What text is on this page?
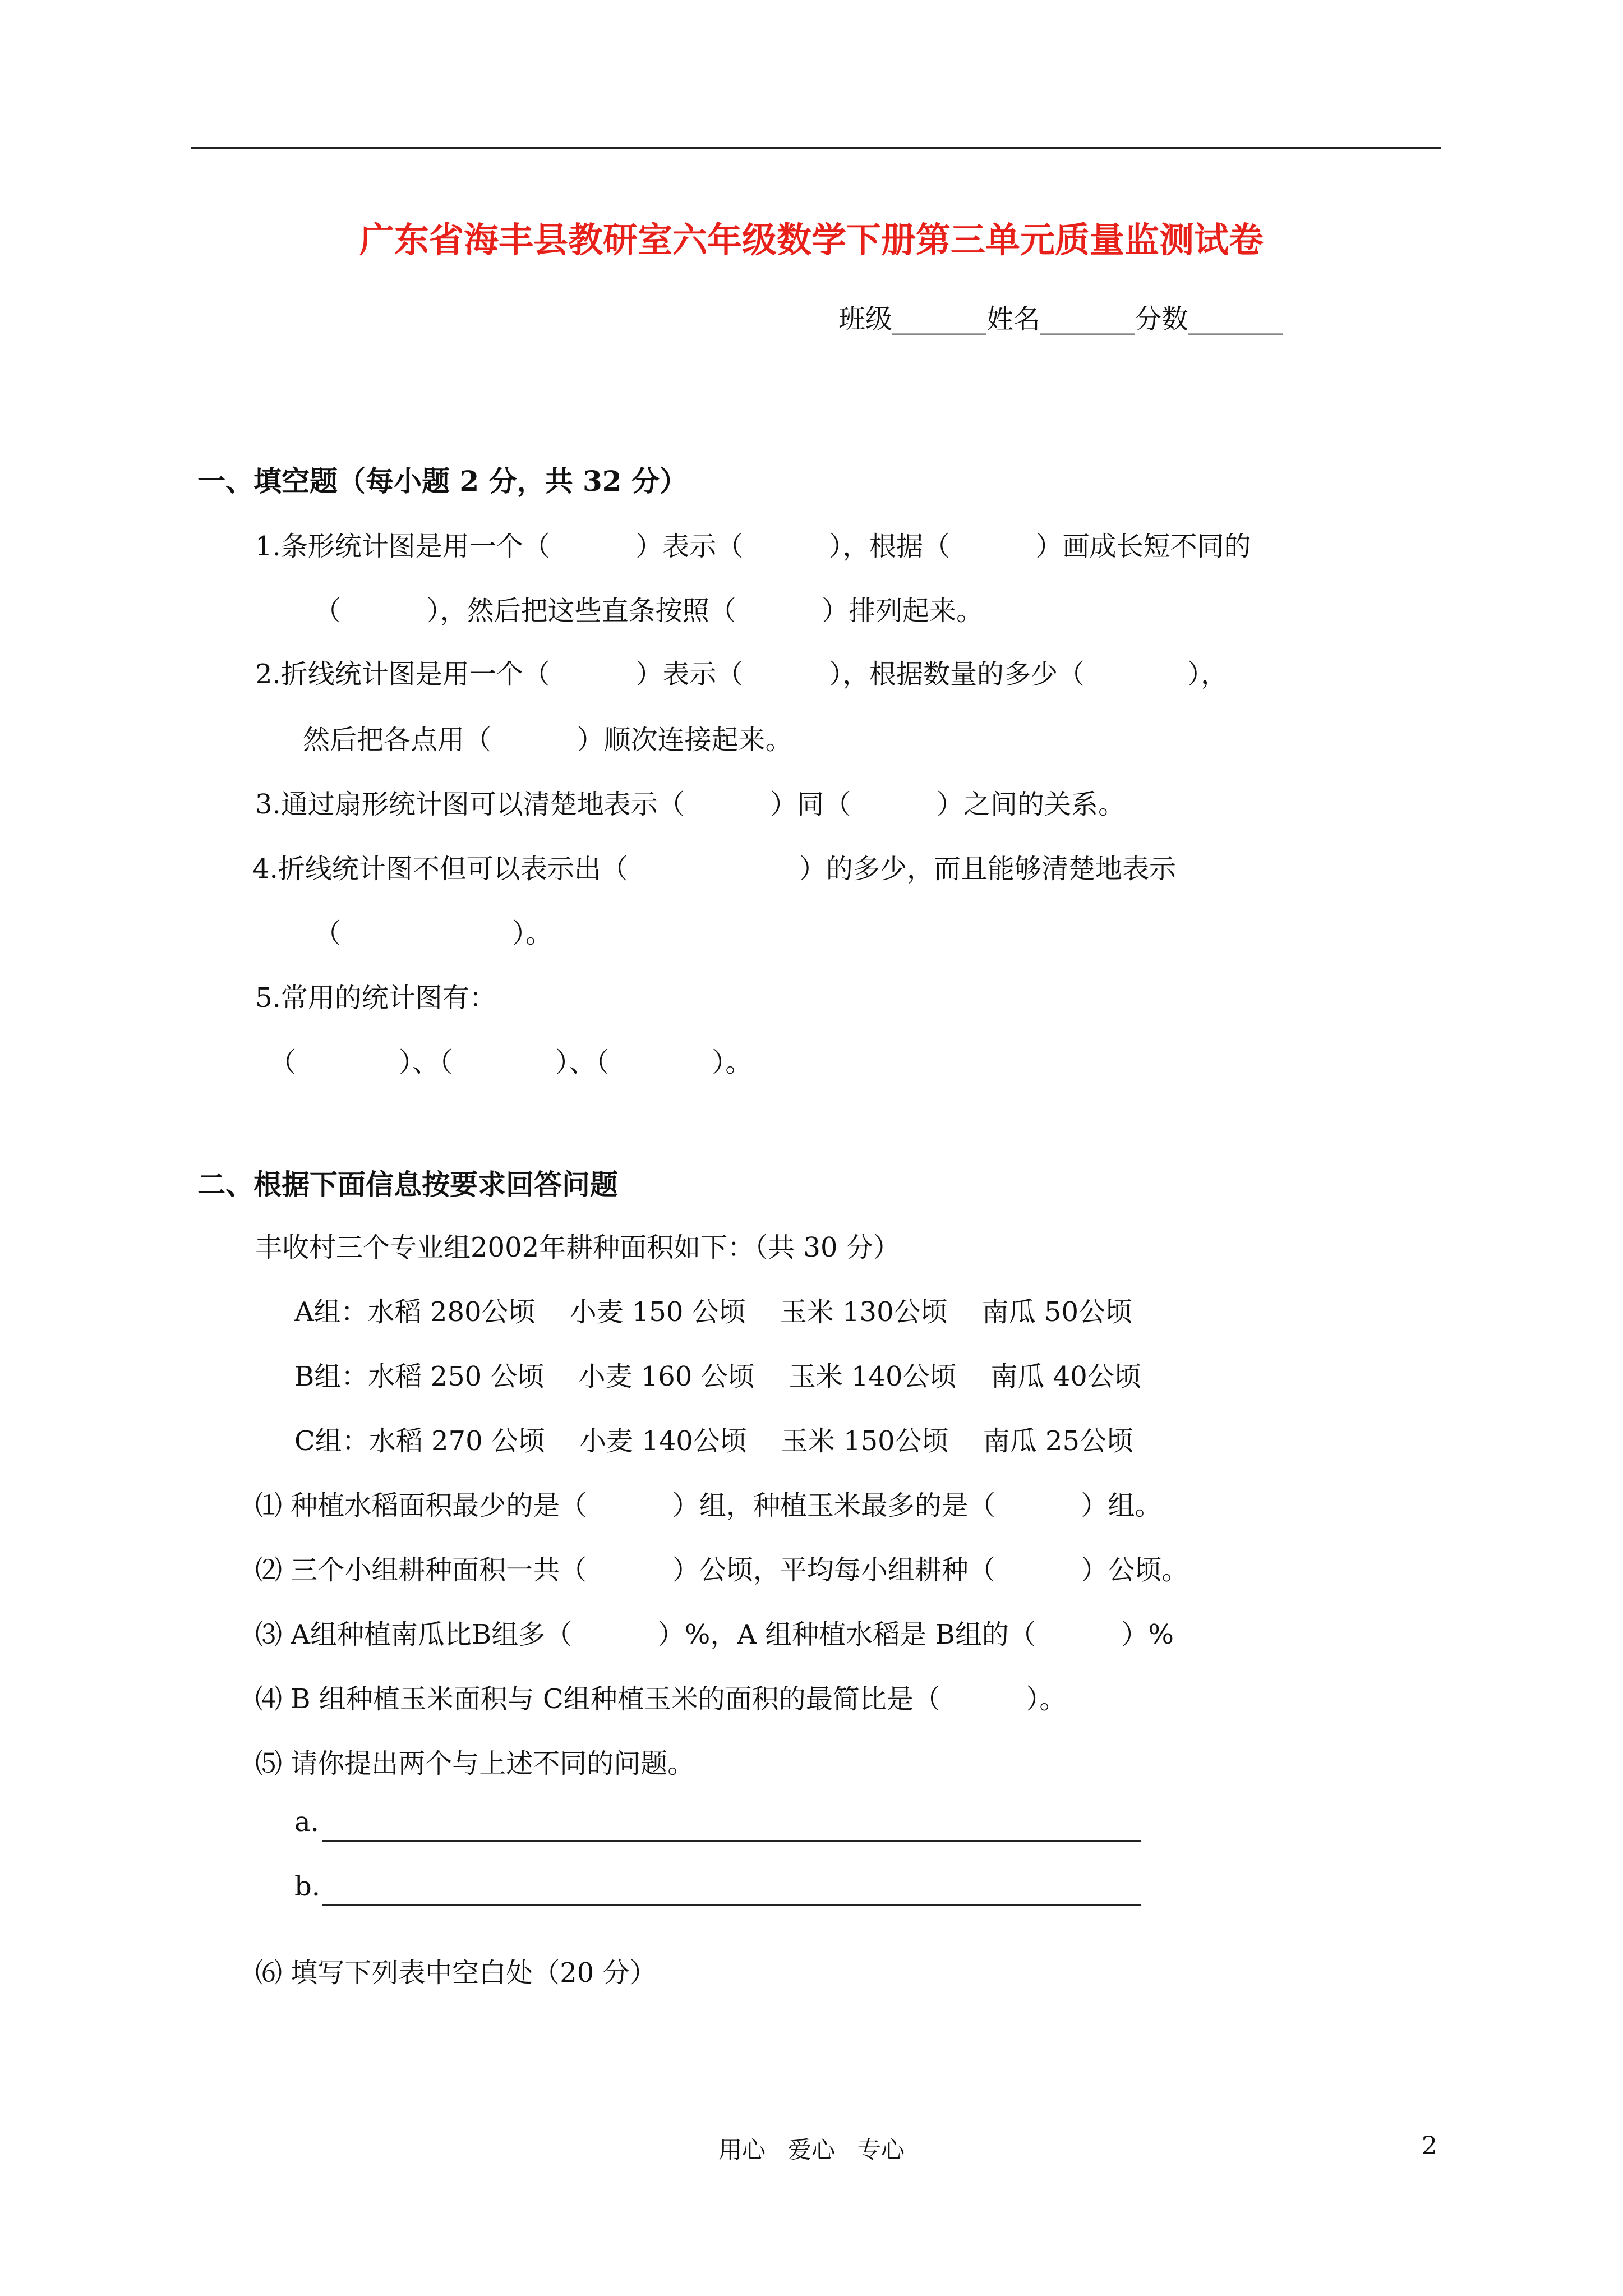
广东省海丰县教研室六年级数学下册第三单元质量监测试卷
班级_______姓名_______分数_______
一、填空题（每小题 2 分，共 32 分）
1.条形统计图是用一个（          ）表示（          ），根据（          ）画成长短不同的
（          ），然后把这些直条按照（          ）排列起来。
2.折线统计图是用一个（          ）表示（          ），根据数量的多少（            ），
然后把各点用（          ）顺次连接起来。
3.通过扇形统计图可以清楚地表示（          ）同（          ）之间的关系。
4.折线统计图不但可以表示出（                    ）的多少，而且能够清楚地表示
（                    ）。
5.常用的统计图有：
（            ）、（            ）、（            ）。
二、根据下面信息按要求回答问题
丰收村三个专业组2002年耕种面积如下：（共 30 分）
A组：水稻 280公顷    小麦 150 公顷    玉米 130公顷    南瓜 50公顷
B组：水稻 250 公顷    小麦 160 公顷    玉米 140公顷    南瓜 40公顷
C组：水稻 270 公顷    小麦 140公顷    玉米 150公顷    南瓜 25公顷
⑴ 种植水稻面积最少的是（          ）组，种植玉米最多的是（          ）组。
⑵ 三个小组耕种面积一共（          ）公顷，平均每小组耕种（          ）公顷。
⑶ A组种植南瓜比B组多（          ）%，A 组种植水稻是 B组的（          ）%
⑷ B 组种植玉米面积与 C组种植玉米的面积的最简比是（          ）。
⑸ 请你提出两个与上述不同的问题。
a.
b.
⑹ 填写下列表中空白处（20 分）
用心   爱心   专心	2
